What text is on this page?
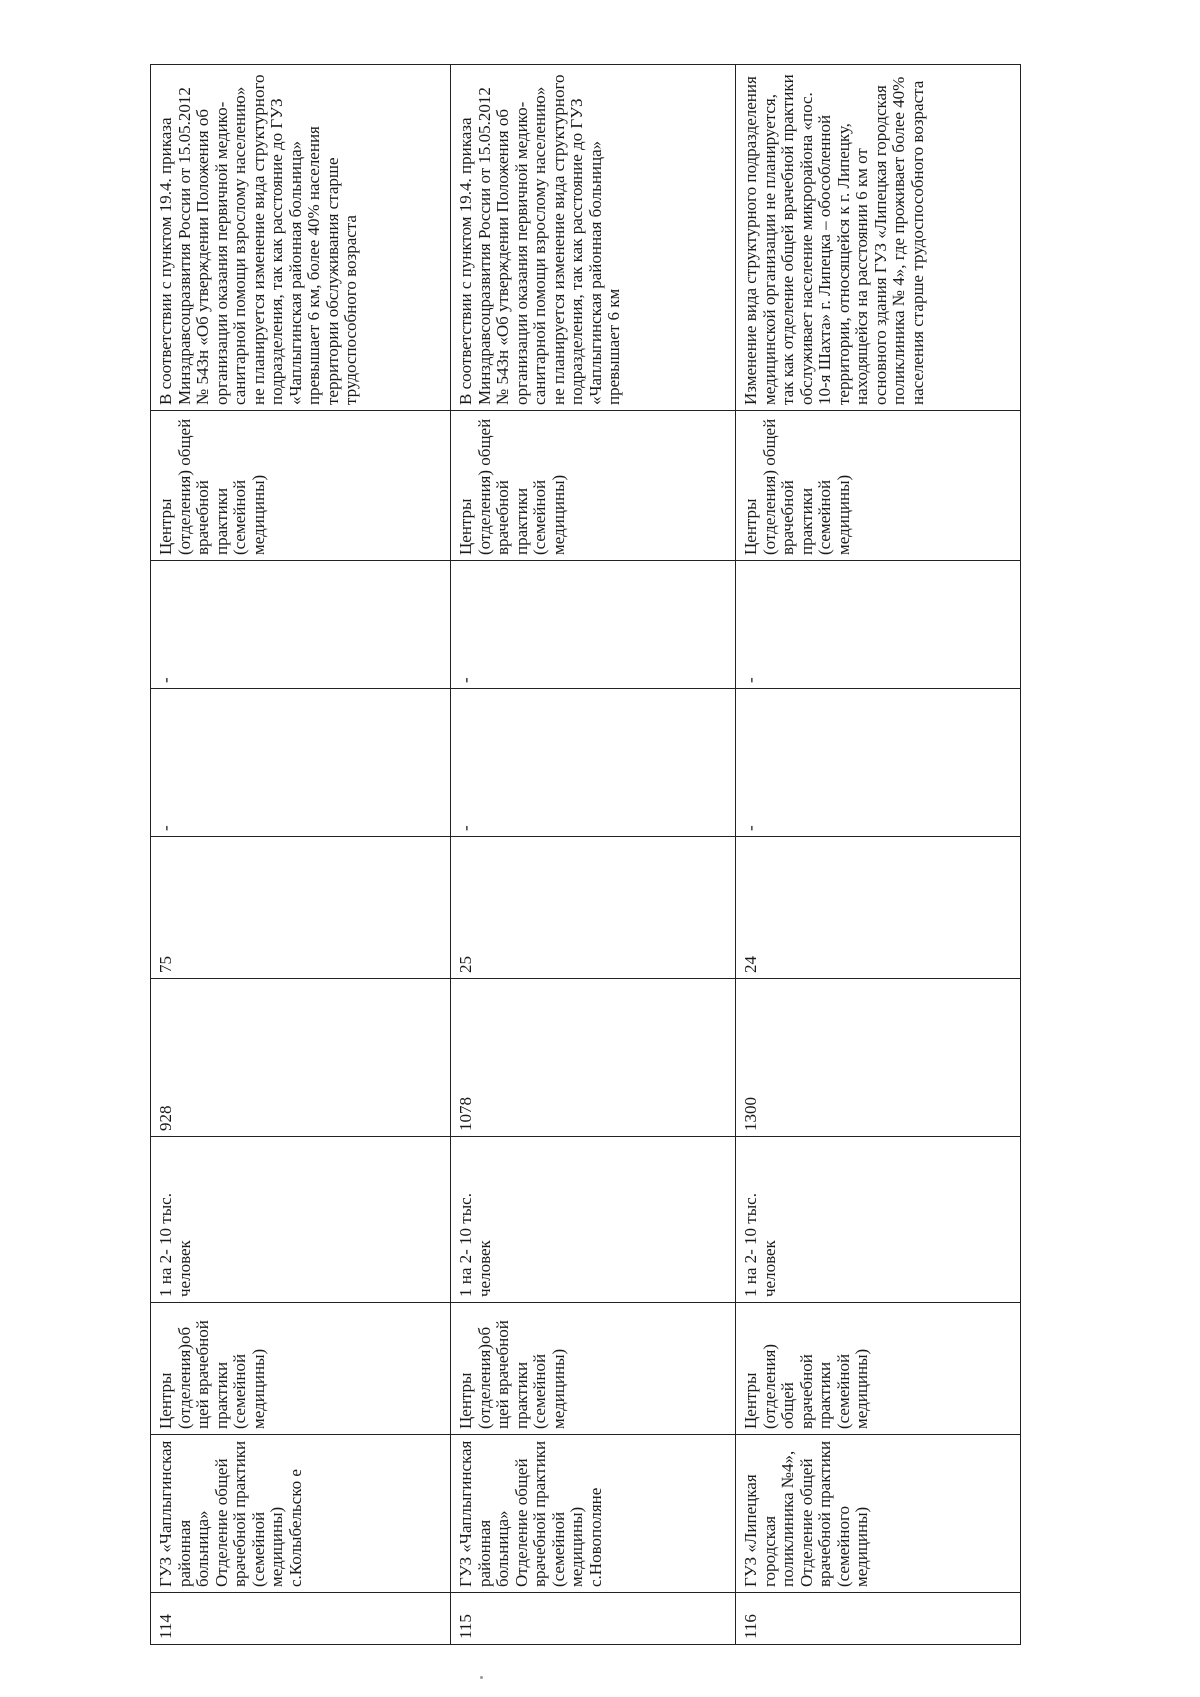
114	ГУЗ «Чаплыгинская районная больница» Отделение общей врачебной практики (семейной медицины) с.Колыбельско е	Центры (отделения)об щей врачебной практики (семейной медицины)	1 на 2- 10 тыс. человек	928	75	-	-	Центры (отделения) общей врачебной практики (семейной медицины)	В соответствии с пунктом 19.4. приказа Минздравсоцразвития России от 15.05.2012 № 543н «Об утверждении Положения об организации оказания первичной медико-санитарной помощи взрослому населению» не планируется изменение вида структурного подразделения, так как расстояние до ГУЗ «Чаплыгинская районная больница» превышает 6 км, более 40% населения территории обслуживания старше трудоспособного возраста
115	ГУЗ «Чаплыгинская районная больница» Отделение общей врачебной практики (семейной медицины) с.Новополяне	Центры (отделения)об щей врачебной практики (семейной медицины)	1 на 2- 10 тыс. человек	1078	25	-	-	Центры (отделения) общей врачебной практики (семейной медицины)	В соответствии с пунктом 19.4. приказа Минздравсоцразвития России от 15.05.2012 № 543н «Об утверждении Положения об организации оказания первичной медико-санитарной помощи взрослому населению» не планируется изменение вида структурного подразделения, так как расстояние до ГУЗ «Чаплыгинская районная больница» превышает 6 км
116	ГУЗ «Липецкая городская поликлиника №4», Отделение общей врачебной практики (семейного медицины)	Центры (отделения) общей врачебной практики (семейной медицины)	1 на 2- 10 тыс. человек	1300	24	-	-	Центры (отделения) общей врачебной практики (семейной медицины)	Изменение вида структурного подразделения медицинской организации не планируется, так как отделение общей врачебной практики обслуживает население микрорайона «пос. 10-я Шахта» г. Липецка – обособленной территории, относящейся к г. Липецку, находящейся на расстоянии 6 км от основного здания ГУЗ «Липецкая городская поликлиника № 4», где проживает более 40% населения старше трудоспособного возраста
